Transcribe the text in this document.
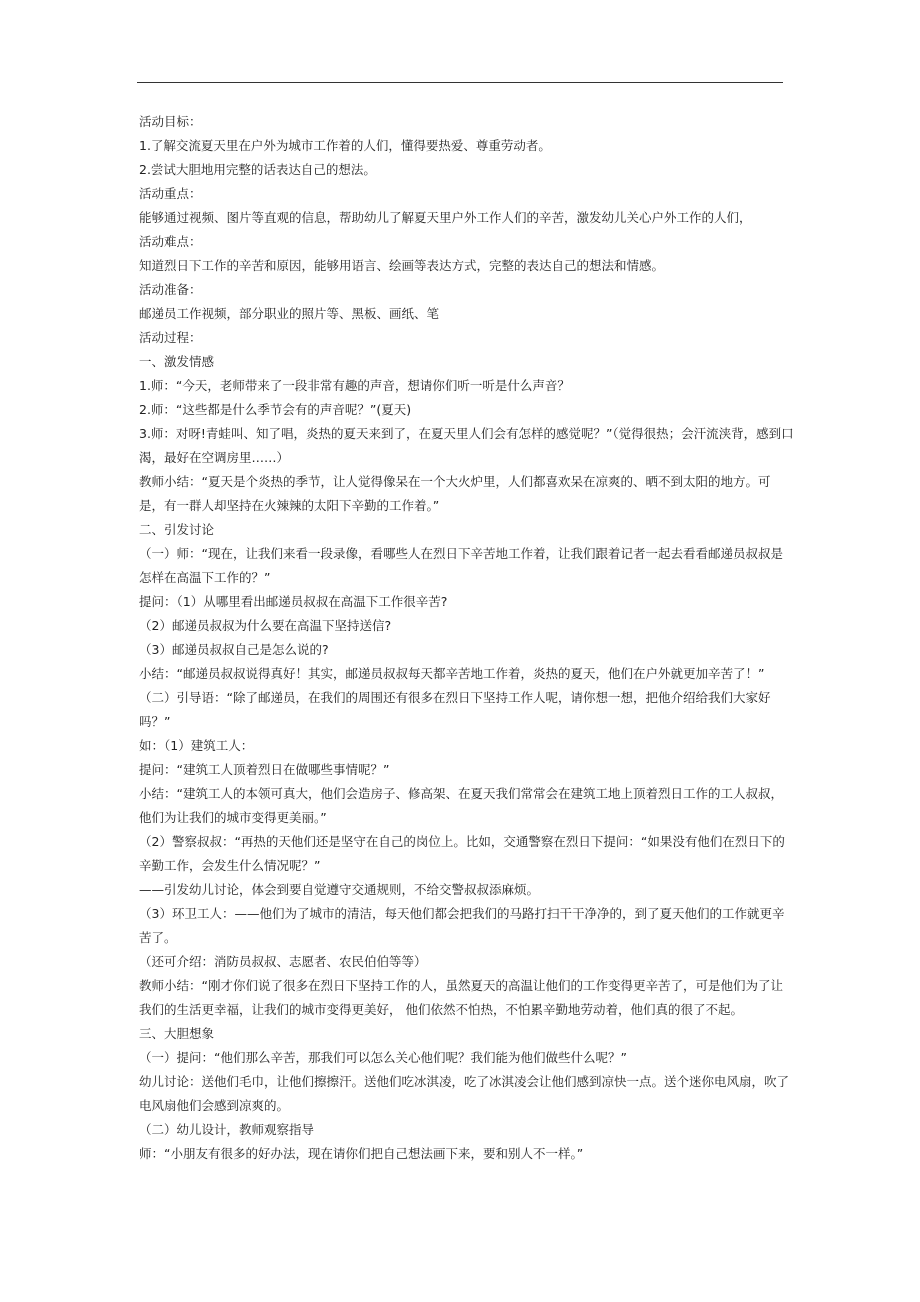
活动目标：

1.了解交流夏天里在户外为城市工作着的人们，懂得要热爱、尊重劳动者。

2.尝试大胆地用完整的话表达自己的想法。

活动重点：

能够通过视频、图片等直观的信息，帮助幼儿了解夏天里户外工作人们的辛苦，激发幼儿关心户外工作的人们，

活动难点：

知道烈日下工作的辛苦和原因，能够用语言、绘画等表达方式，完整的表达自己的想法和情感。

活动准备：

邮递员工作视频，部分职业的照片等、黑板、画纸、笔

活动过程：

一、激发情感

1.师：“今天，老师带来了一段非常有趣的声音，想请你们听一听是什么声音？

2.师：“这些都是什么季节会有的声音呢？”(夏天)

3.师：对呀!青蛙叫、知了唱，炎热的夏天来到了，在夏天里人们会有怎样的感觉呢？”（觉得很热；会汗流浃背，感到口渴，最好在空调房里……）

教师小结：“夏天是个炎热的季节，让人觉得像呆在一个大火炉里，人们都喜欢呆在凉爽的、晒不到太阳的地方。可是，有一群人却坚持在火辣辣的太阳下辛勤的工作着。”

二、引发讨论

（一）师：“现在，让我们来看一段录像，看哪些人在烈日下辛苦地工作着，让我们跟着记者一起去看看邮递员叔叔是怎样在高温下工作的？”

提问：（1）从哪里看出邮递员叔叔在高温下工作很辛苦?

（2）邮递员叔叔为什么要在高温下坚持送信?

（3）邮递员叔叔自己是怎么说的?

小结：“邮递员叔叔说得真好！其实，邮递员叔叔每天都辛苦地工作着，炎热的夏天，他们在户外就更加辛苦了！”

（二）引导语：“除了邮递员，在我们的周围还有很多在烈日下坚持工作人呢，请你想一想，把他介绍给我们大家好吗？”

如：（1）建筑工人：

提问：“建筑工人顶着烈日在做哪些事情呢？”

小结：“建筑工人的本领可真大，他们会造房子、修高架、在夏天我们常常会在建筑工地上顶着烈日工作的工人叔叔，他们为让我们的城市变得更美丽。”

（2）警察叔叔：“再热的天他们还是坚守在自己的岗位上。比如，交通警察在烈日下提问：“如果没有他们在烈日下的辛勤工作，会发生什么情况呢？”

——引发幼儿讨论，体会到要自觉遵守交通规则，不给交警叔叔添麻烦。

（3）环卫工人：——他们为了城市的清洁，每天他们都会把我们的马路打扫干干净净的，到了夏天他们的工作就更辛苦了。

（还可介绍：消防员叔叔、志愿者、农民伯伯等等）

教师小结：“刚才你们说了很多在烈日下坚持工作的人，虽然夏天的高温让他们的工作变得更辛苦了，可是他们为了让我们的生活更幸福，让我们的城市变得更美好， 他们依然不怕热，不怕累辛勤地劳动着，他们真的很了不起。

三、大胆想象

（一）提问：“他们那么辛苦，那我们可以怎么关心他们呢？我们能为他们做些什么呢？”

幼儿讨论：送他们毛巾，让他们擦擦汗。送他们吃冰淇凌，吃了冰淇凌会让他们感到凉快一点。送个迷你电风扇，吹了电风扇他们会感到凉爽的。

（二）幼儿设计，教师观察指导

师：“小朋友有很多的好办法，现在请你们把自己想法画下来，要和别人不一样。”
